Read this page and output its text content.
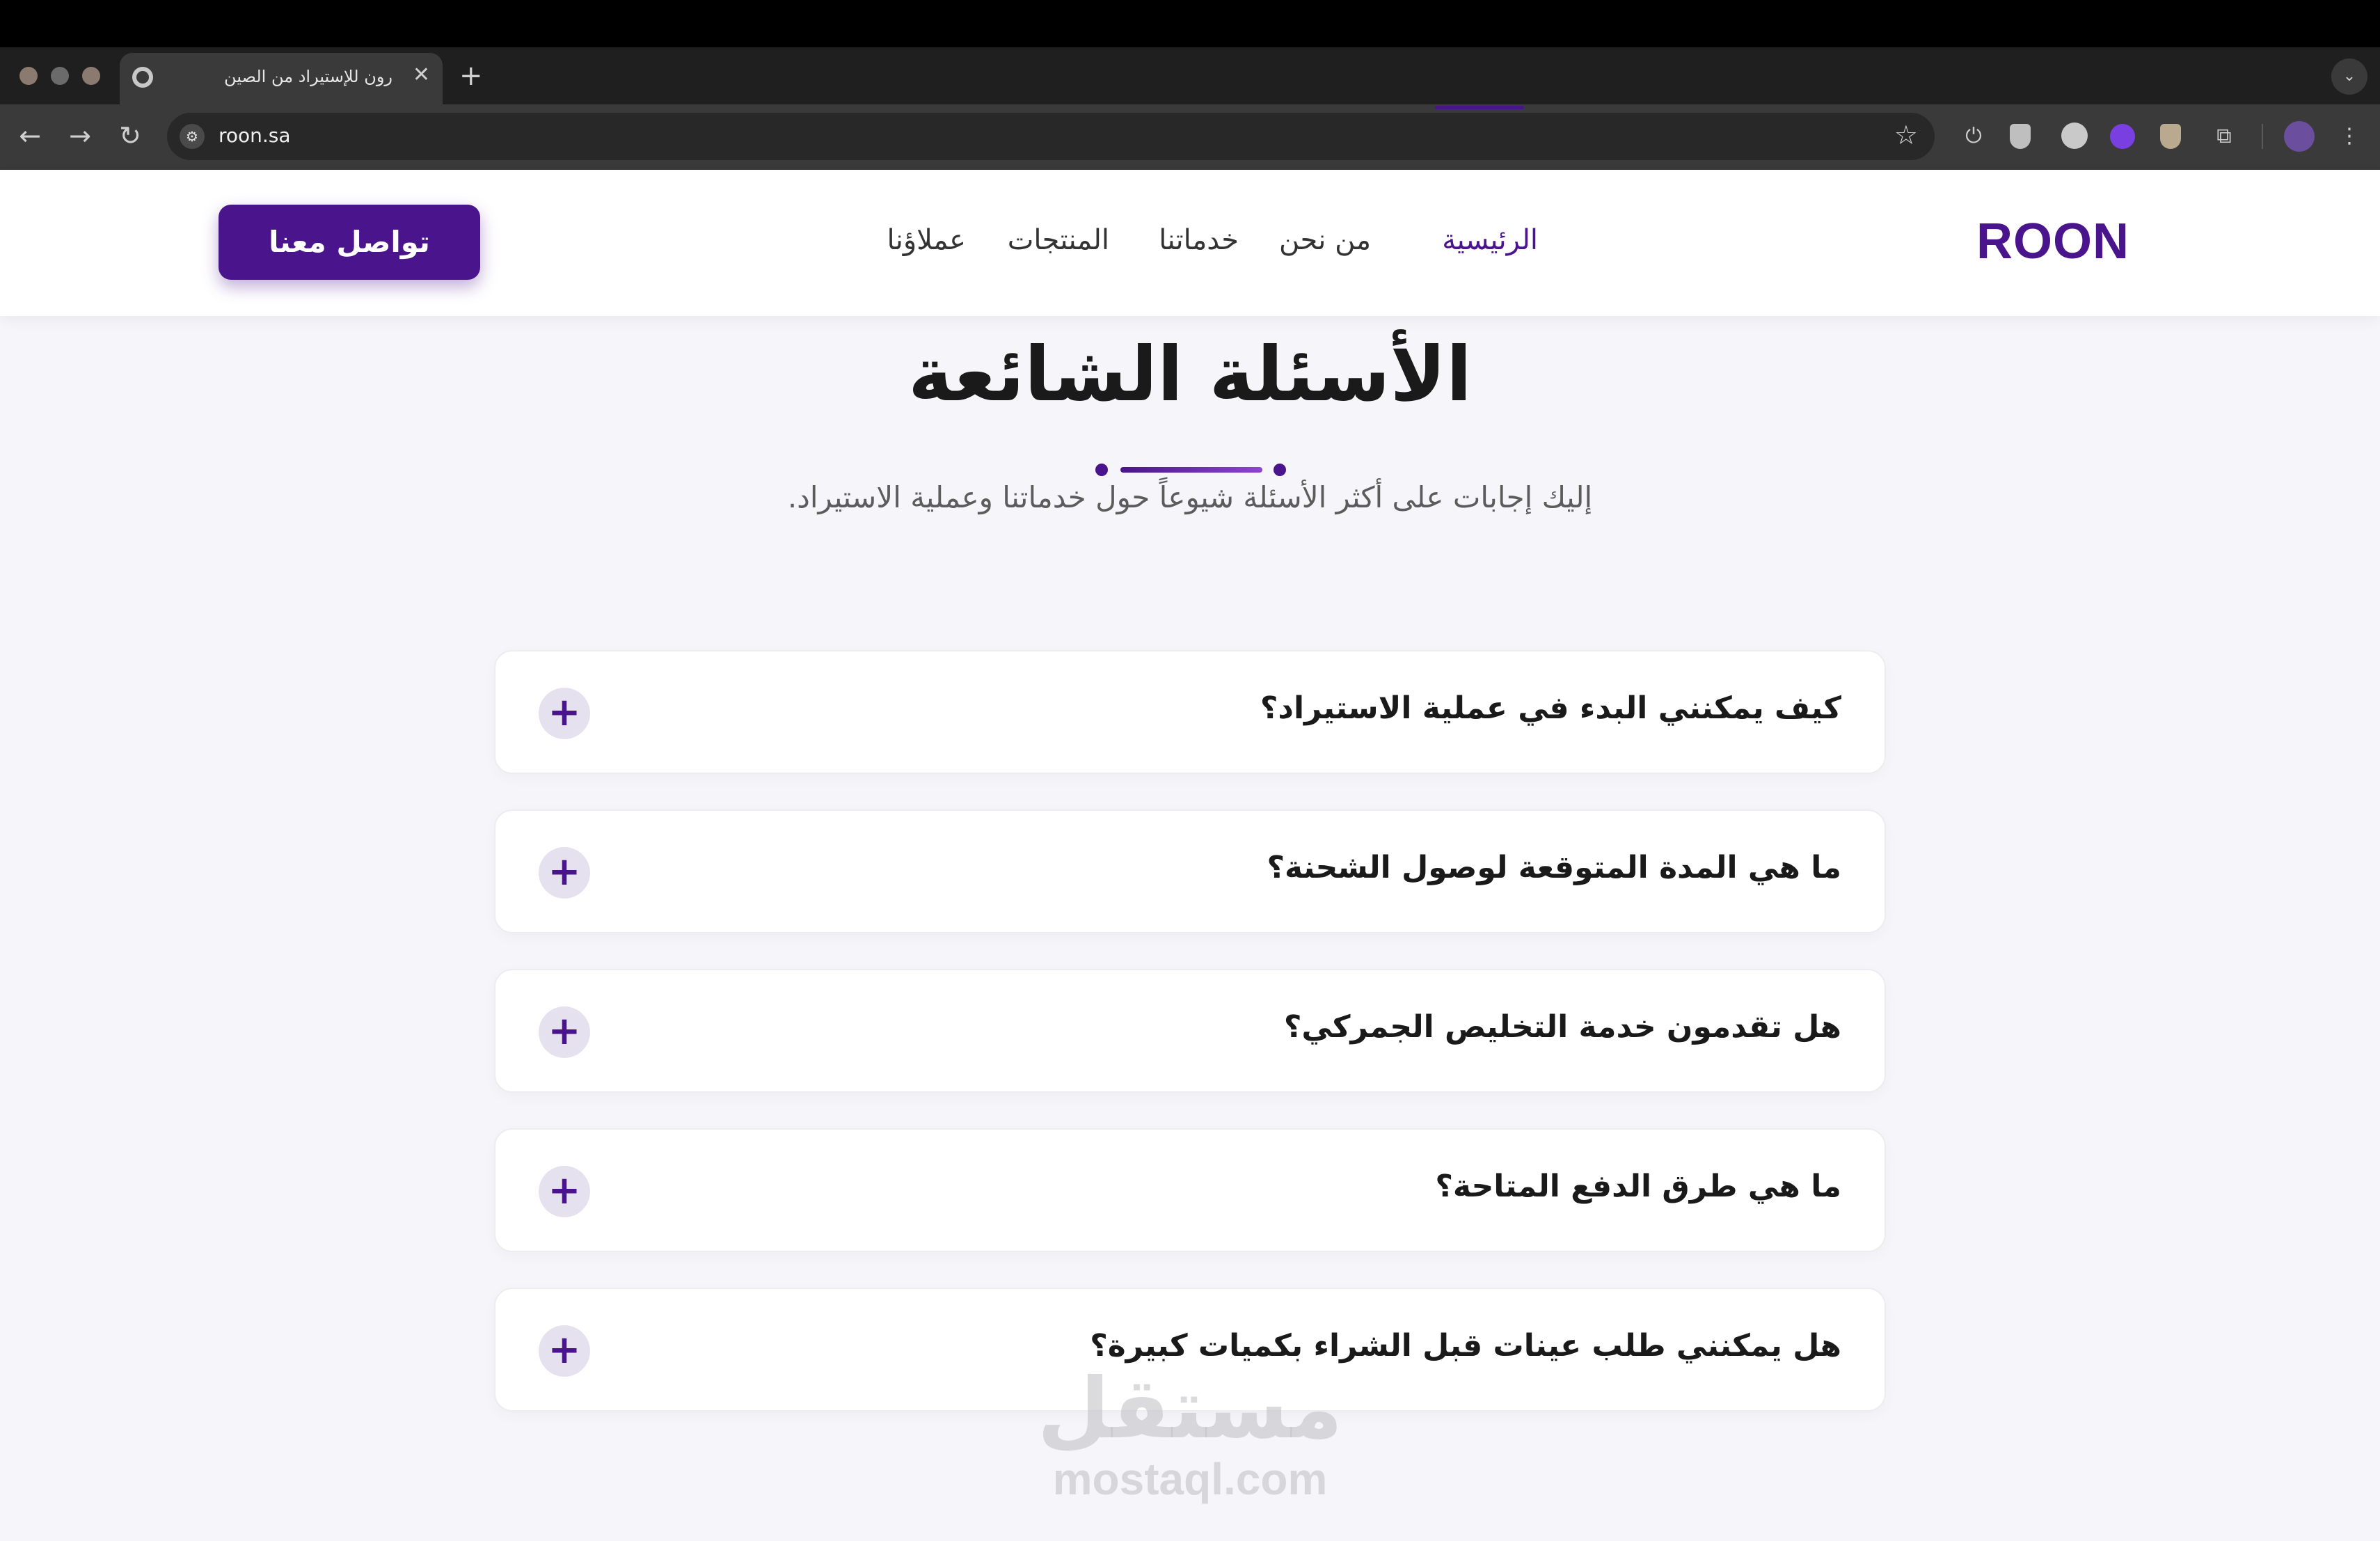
رون للإستيراد من الصين ✕ +	⌄
← → ↻	⚙	roon.sa	☆ ⏻	⧉	⋮
ROON
الرئيسية
من نحن
خدماتنا
المنتجات
عملاؤنا
تواصل معنا
الأسئلة الشائعة

إليك إجابات على أكثر الأسئلة شيوعاً حول خدماتنا وعملية الاستيراد.

كيف يمكنني البدء في عملية الاستيراد؟
+
ما هي المدة المتوقعة لوصول الشحنة؟
+
هل تقدمون خدمة التخليص الجمركي؟
+
ما هي طرق الدفع المتاحة؟
+
هل يمكنني طلب عينات قبل الشراء بكميات كبيرة؟
+
مستقل
mostaql.com
